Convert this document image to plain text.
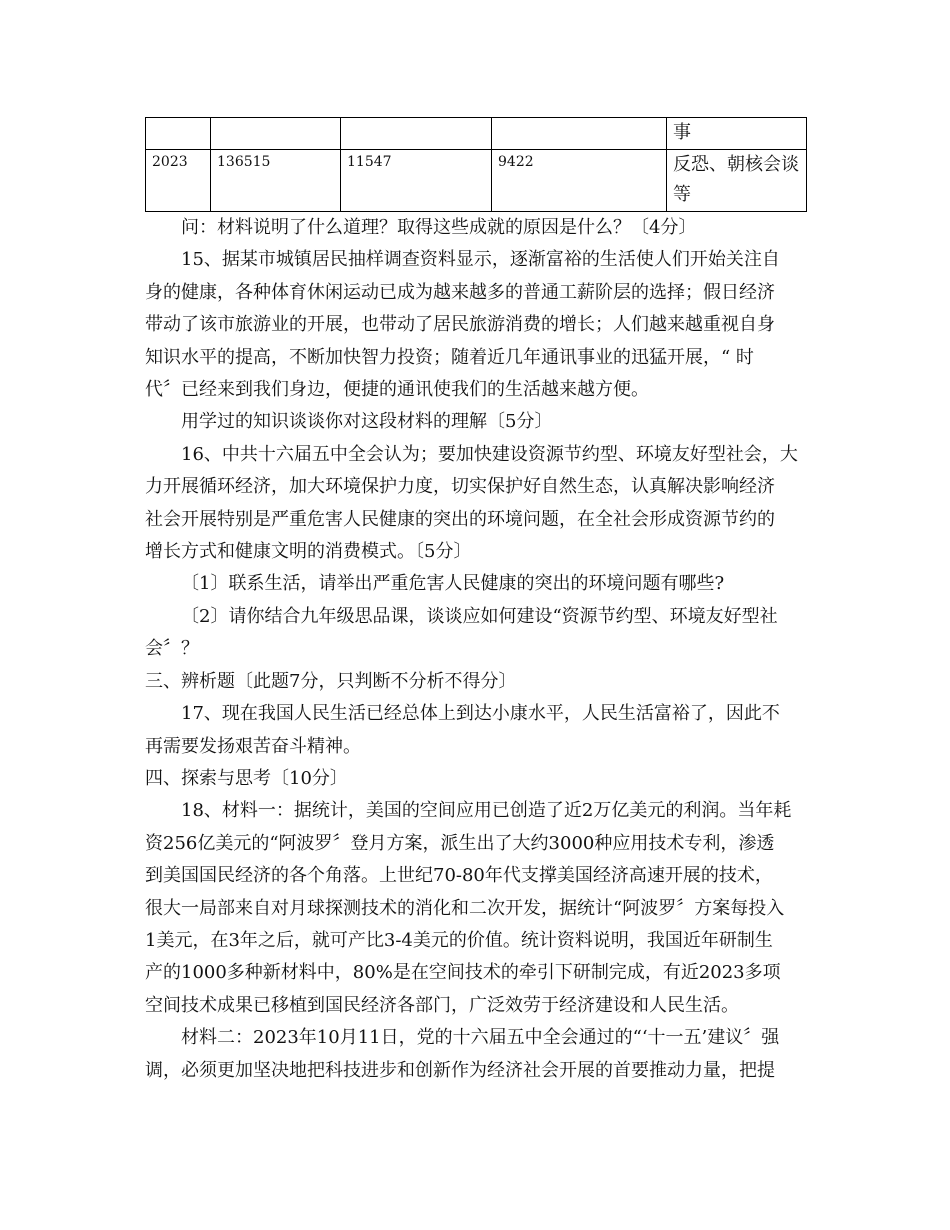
				事
2023	136515	11547	9422	反恐、朝核会谈等

问：材料说明了什么道理？取得这些成就的原因是什么？〔4分〕

15、据某市城镇居民抽样调查资料显示，逐渐富裕的生活使人们开始关注自

身的健康，各种体育休闲运动已成为越来越多的普通工薪阶层的选择；假日经济

带动了该市旅游业的开展，也带动了居民旅游消费的增长；人们越来越重视自身

知识水平的提高，不断加快智力投资；随着近几年通讯事业的迅猛开展，“ 时

代〞已经来到我们身边，便捷的通讯使我们的生活越来越方便。

用学过的知识谈谈你对这段材料的理解〔5分〕

16、中共十六届五中全会认为；要加快建设资源节约型、环境友好型社会，大

力开展循环经济，加大环境保护力度，切实保护好自然生态，认真解决影响经济

社会开展特别是严重危害人民健康的突出的环境问题，在全社会形成资源节约的

增长方式和健康文明的消费模式。〔5分〕

〔1〕联系生活，请举出严重危害人民健康的突出的环境问题有哪些?

〔2〕请你结合九年级思品课，谈谈应如何建设“资源节约型、环境友好型社

会〞？

三、辨析题〔此题7分，只判断不分析不得分〕

17、现在我国人民生活已经总体上到达小康水平，人民生活富裕了，因此不

再需要发扬艰苦奋斗精神。

四、探索与思考〔10分〕

18、材料一：据统计，美国的空间应用已创造了近2万亿美元的利润。当年耗

资256亿美元的“阿波罗〞登月方案，派生出了大约3000种应用技术专利，渗透

到美国国民经济的各个角落。上世纪70-80年代支撑美国经济高速开展的技术，

很大一局部来自对月球探测技术的消化和二次开发，据统计“阿波罗〞方案每投入

1美元，在3年之后，就可产比3-4美元的价值。统计资料说明，我国近年研制生

产的1000多种新材料中，80%是在空间技术的牵引下研制完成，有近2023多项

空间技术成果已移植到国民经济各部门，广泛效劳于经济建设和人民生活。

材料二：2023年10月11日，党的十六届五中全会通过的“‘十一五’建议〞强

调，必须更加坚决地把科技进步和创新作为经济社会开展的首要推动力量，把提
